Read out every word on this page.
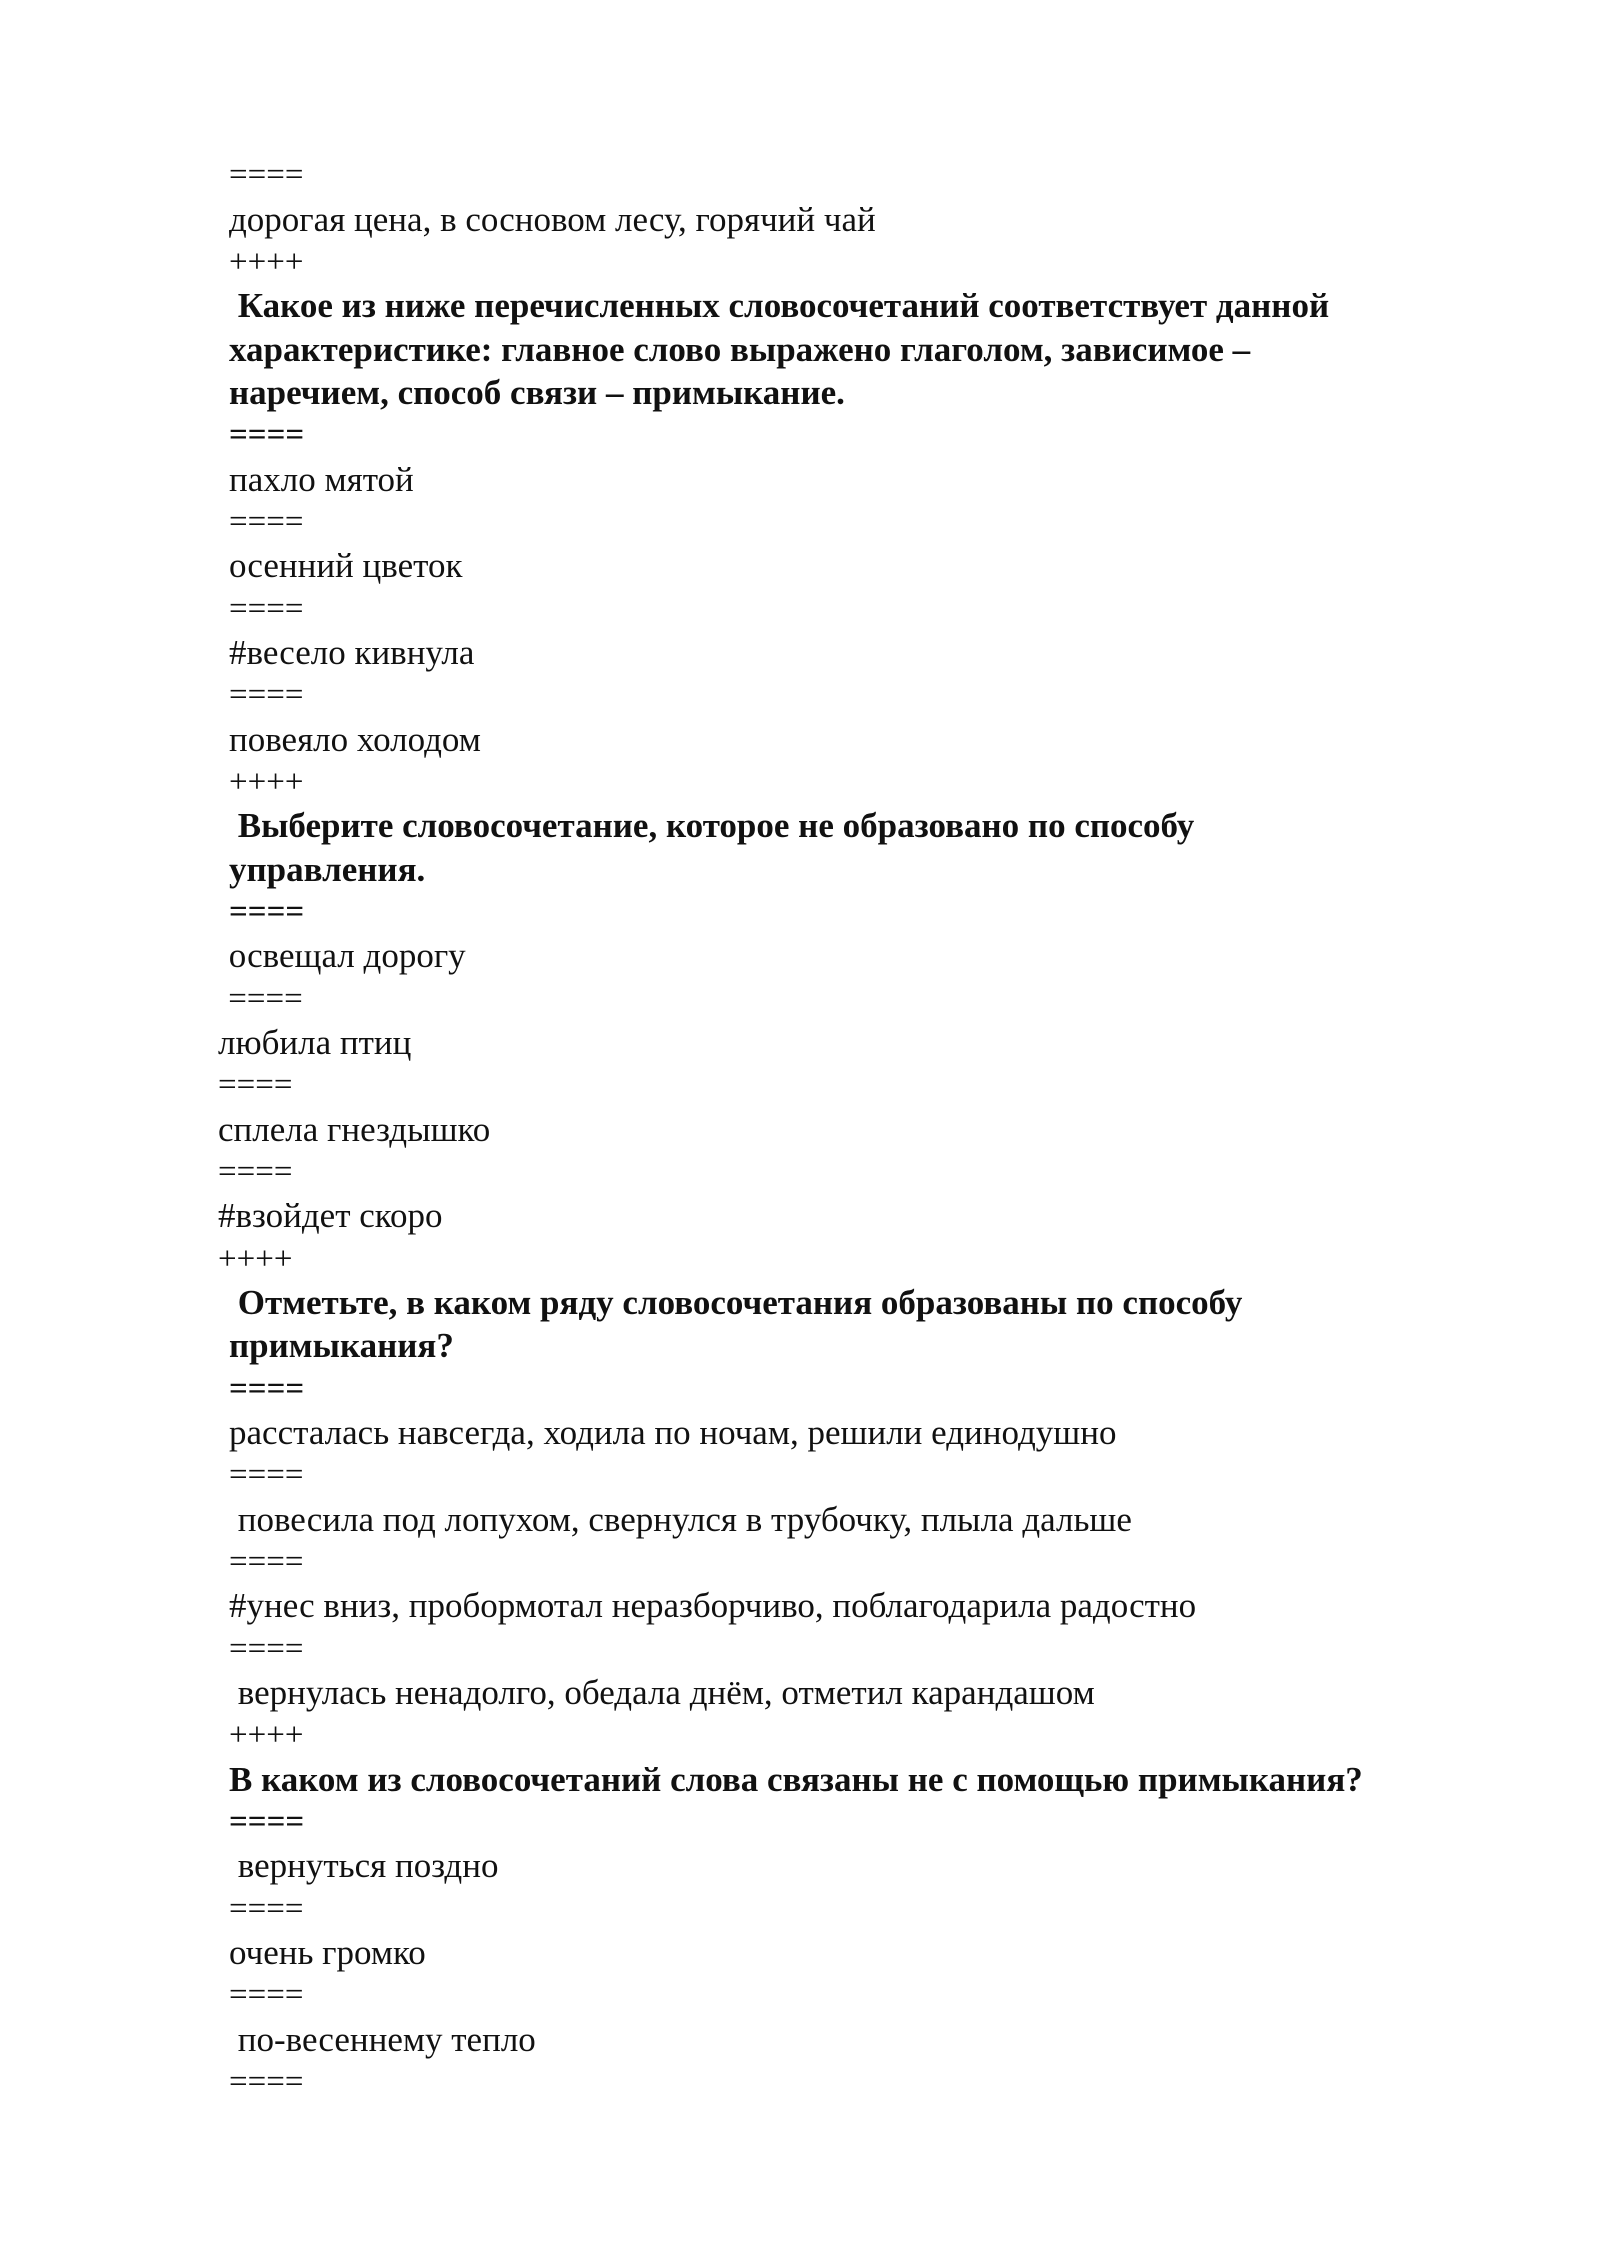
====
дорогая цена, в сосновом лесу, горячий чай
++++
Какое из ниже перечисленных словосочетаний соответствует данной
характеристике: главное слово выражено глаголом, зависимое –
наречием, способ связи – примыкание.
====
пахло мятой
====
осенний цветок
====
#весело кивнула
====
повеяло холодом
++++
Выберите словосочетание, которое не образовано по способу
управления.
====
освещал дорогу
====
любила птиц
====
сплела гнездышко
====
#взойдет скоро
++++
Отметьте, в каком ряду словосочетания образованы по способу
примыкания?
====
рассталась навсегда, ходила по ночам, решили единодушно
====
повесила под лопухом, свернулся в трубочку, плыла дальше
====
#унес вниз, пробормотал неразборчиво, поблагодарила радостно
====
вернулась ненадолго, обедала днём, отметил карандашом
++++
В каком из словосочетаний слова связаны не с помощью примыкания?
====
вернуться поздно
====
очень громко
====
по-весеннему тепло
====
